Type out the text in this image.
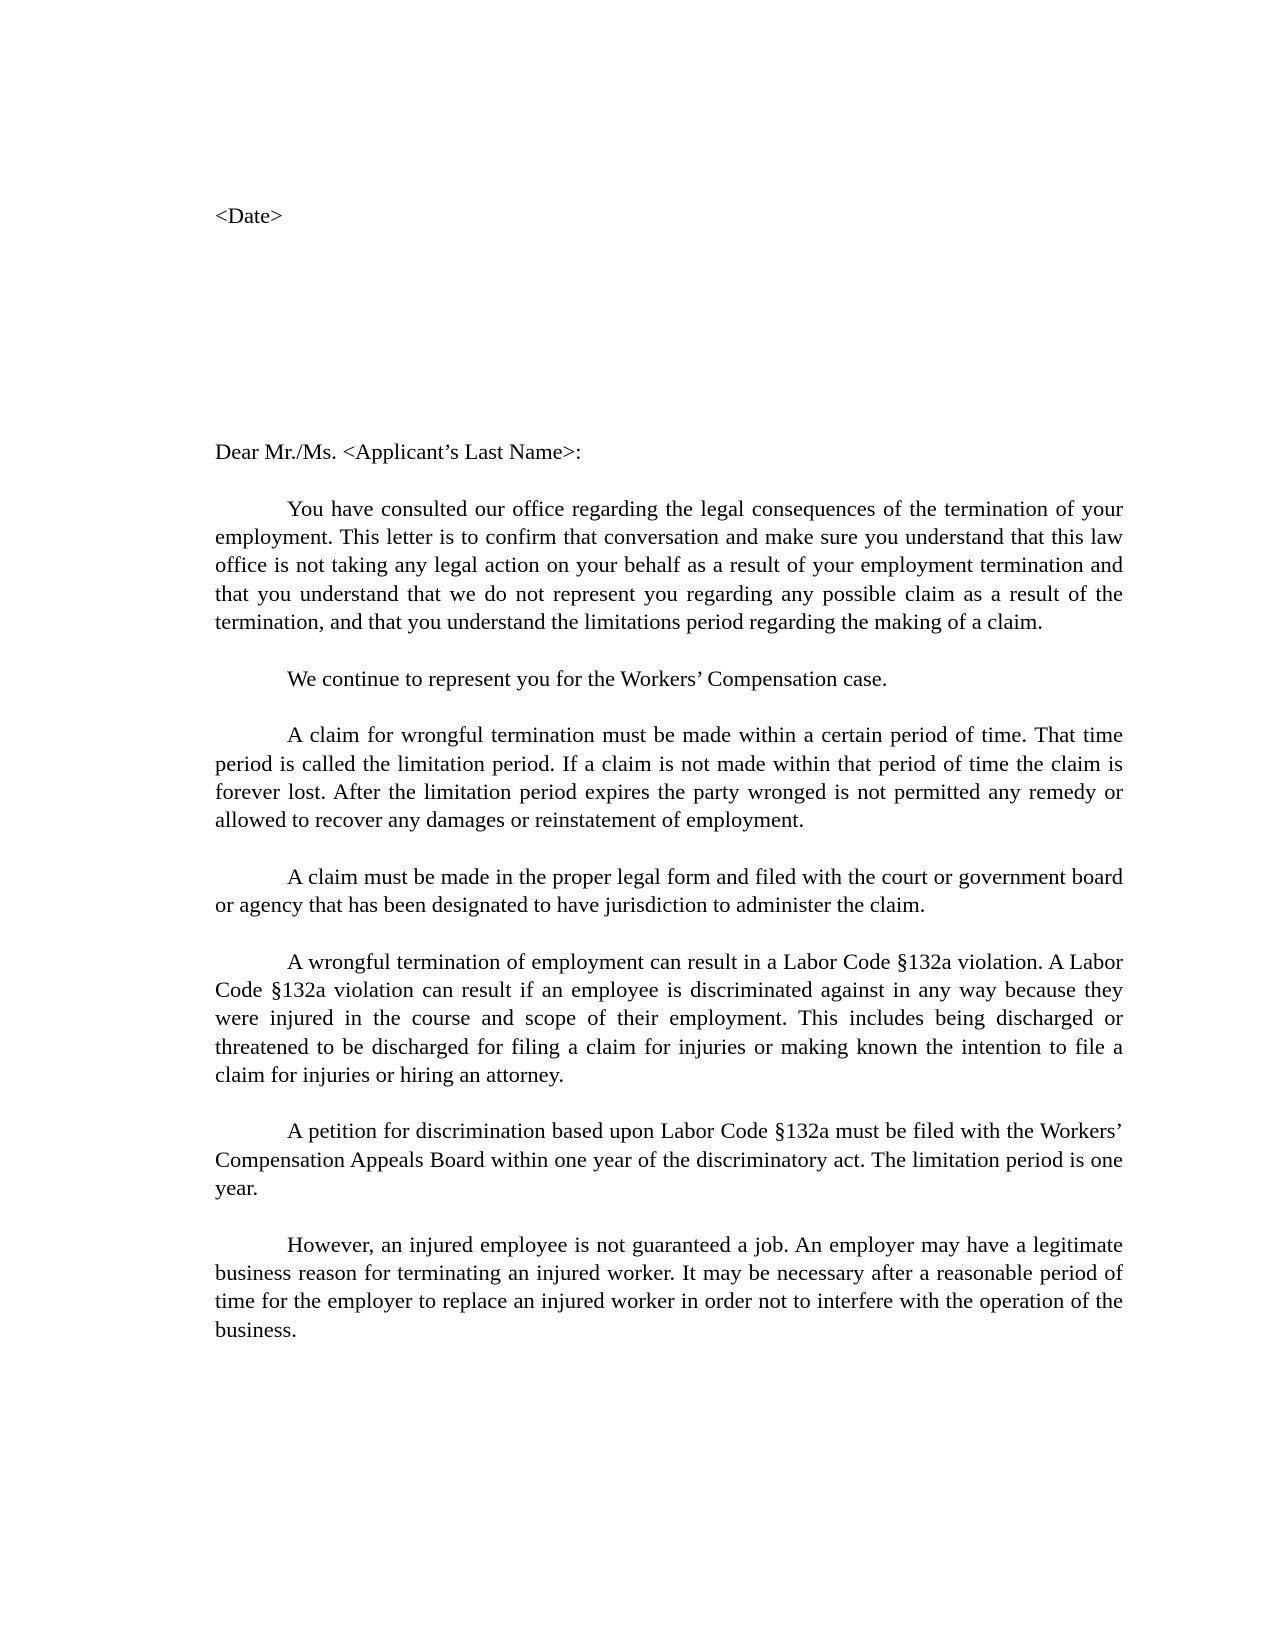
<Date>

Dear Mr./Ms. <Applicant’s Last Name>:

You have consulted our office regarding the legal consequences of the termination of your employment. This letter is to confirm that conversation and make sure you understand that this law office is not taking any legal action on your behalf as a result of your employment termination and that you understand that we do not represent you regarding any possible claim as a result of the termination, and that you understand the limitations period regarding the making of a claim.

We continue to represent you for the Workers’ Compensation case.

A claim for wrongful termination must be made within a certain period of time. That time period is called the limitation period. If a claim is not made within that period of time the claim is forever lost. After the limitation period expires the party wronged is not permitted any remedy or allowed to recover any damages or reinstatement of employment.

A claim must be made in the proper legal form and filed with the court or government board or agency that has been designated to have jurisdiction to administer the claim.

A wrongful termination of employment can result in a Labor Code §132a violation. A Labor Code §132a violation can result if an employee is discriminated against in any way because they were injured in the course and scope of their employment. This includes being discharged or threatened to be discharged for filing a claim for injuries or making known the intention to file a claim for injuries or hiring an attorney.

A petition for discrimination based upon Labor Code §132a must be filed with the Workers’ Compensation Appeals Board within one year of the discriminatory act. The limitation period is one year.

However, an injured employee is not guaranteed a job. An employer may have a legitimate business reason for terminating an injured worker. It may be necessary after a reasonable period of time for the employer to replace an injured worker in order not to interfere with the operation of the business.
